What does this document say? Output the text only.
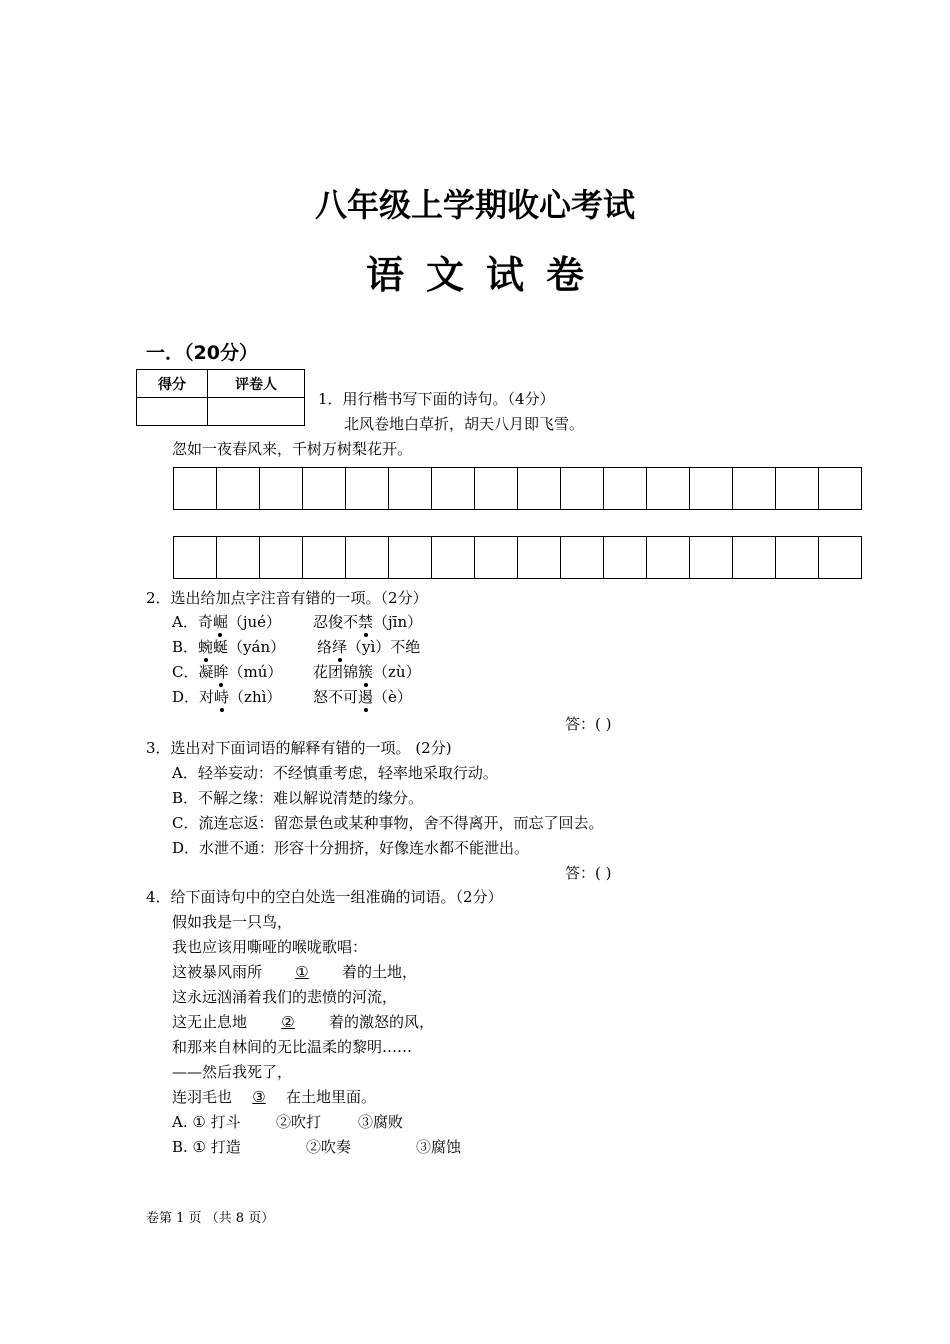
八年级上学期收心考试
语文试卷
一．（20分）
得分	评卷人

1．用行楷书写下面的诗句。（4分）
北风卷地白草折，胡天八月即飞雪。
忽如一夜春风来，千树万树梨花开。

2．选出给加点字注音有错的一项。（2分）
A．奇崛（jué） 忍俊不禁（jīn）
B．蜿蜒（yán） 络绎（yì）不绝
C．凝眸（mú） 花团锦簇（zù）
D．对峙（zhì） 怒不可遏（è）
答：( )
3．选出对下面词语的解释有错的一项。 (2分)
A．轻举妄动：不经慎重考虑，轻率地采取行动。
B．不解之缘：难以解说清楚的缘分。
C．流连忘返：留恋景色或某种事物，舍不得离开，而忘了回去。
D．水泄不通：形容十分拥挤，好像连水都不能泄出。
答：( )
4．给下面诗句中的空白处选一组准确的词语。（2分）
假如我是一只鸟，
我也应该用嘶哑的喉咙歌唱：
这被暴风雨所 ① 着的土地，
这永远汹涌着我们的悲愤的河流，
这无止息地 ② 着的激怒的风，
和那来自林间的无比温柔的黎明……
——然后我死了，
连羽毛也 ③ 在土地里面。
A. ① 打斗 ②吹打 ③腐败
B. ① 打造	②吹奏	③腐蚀
卷第 1 页 （共 8 页）
